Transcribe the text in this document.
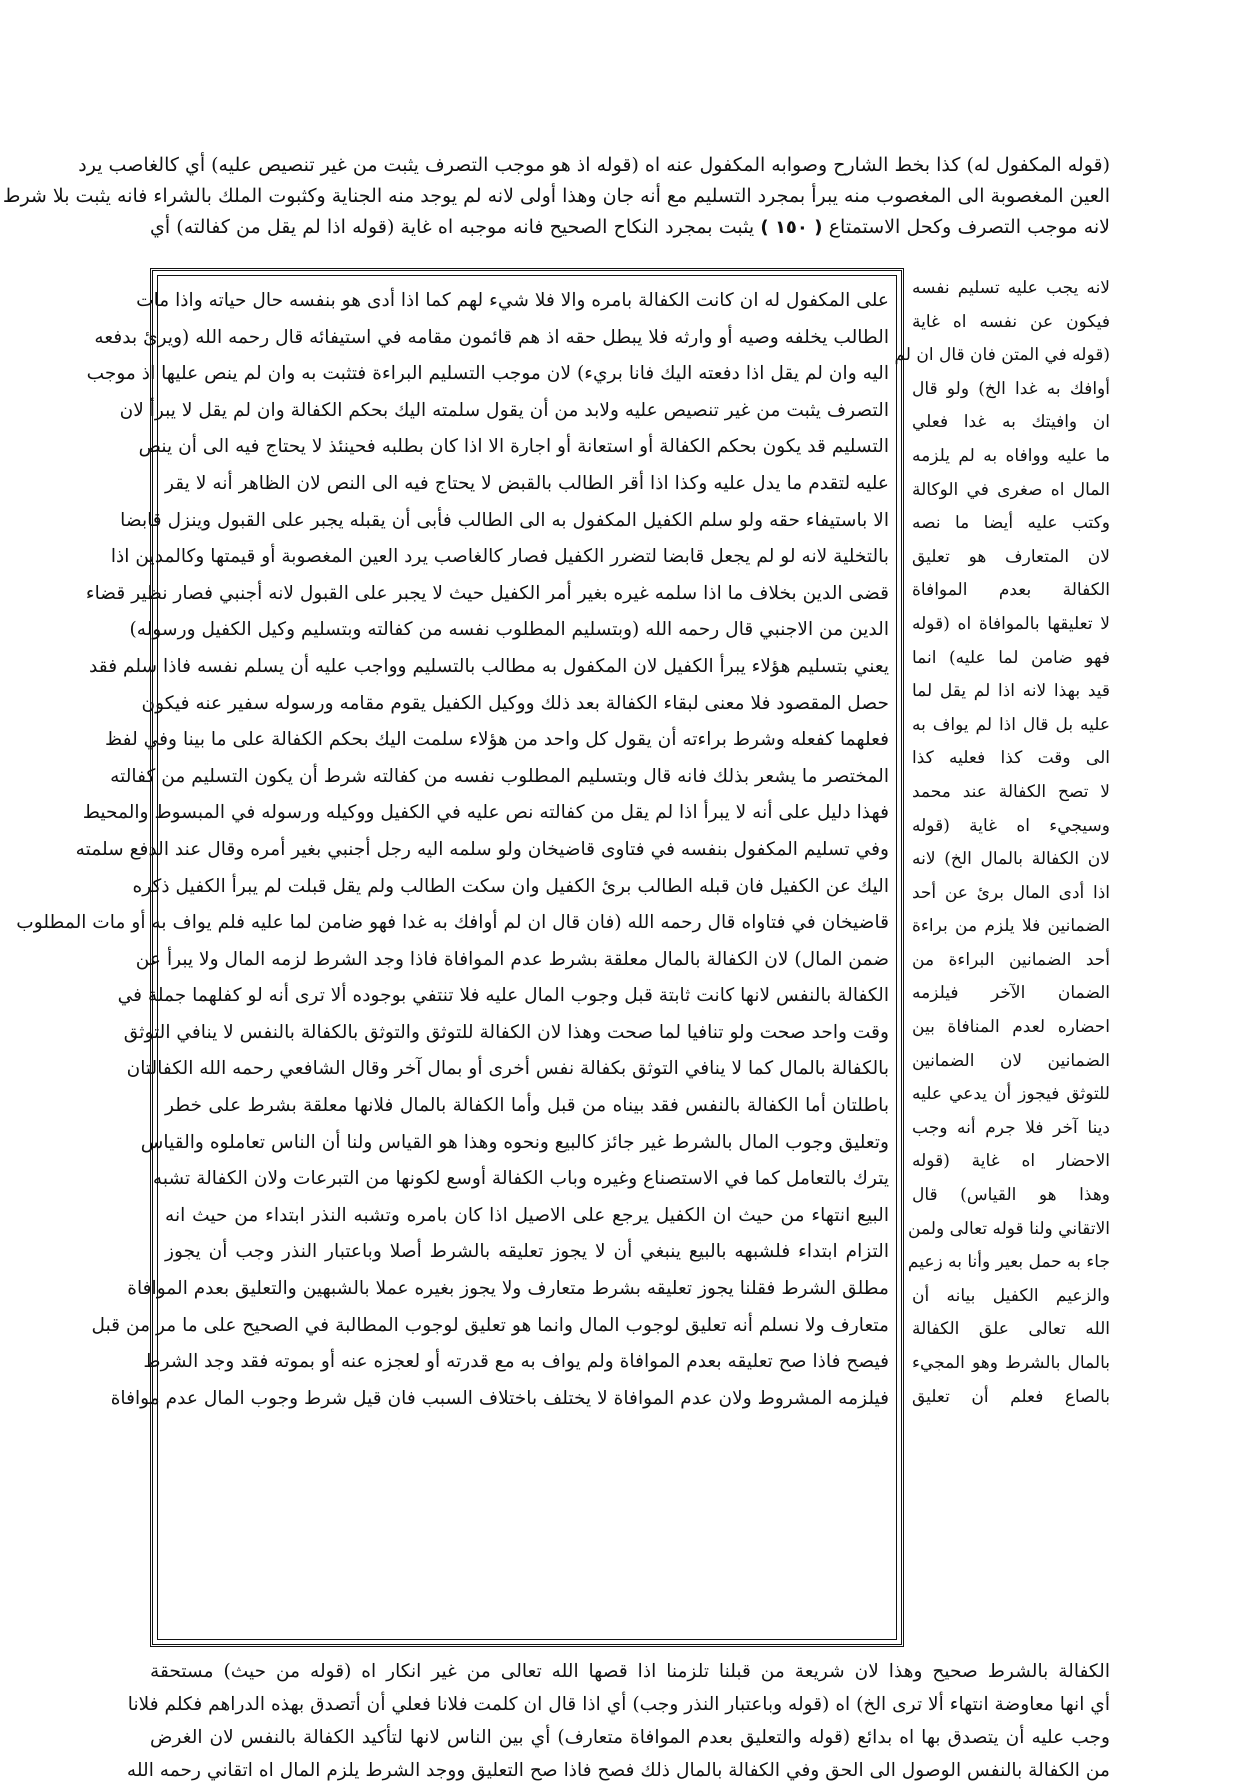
(قوله المكفول له) كذا بخط الشارح وصوابه المكفول عنه اه (قوله اذ هو موجب التصرف يثبت من غير تنصيص عليه) أي كالغاصب يرد
العين المغصوبة الى المغصوب منه يبرأ بمجرد التسليم مع أنه جان وهذا أولى لانه لم يوجد منه الجناية وكثبوت الملك بالشراء فانه يثبت بلا شرط
لانه موجب التصرف وكحل الاستمتاع ( ١٥٠ ) يثبت بمجرد النكاح الصحيح فانه موجبه اه غاية (قوله اذا لم يقل من كفالته) أي
على المكفول له ان كانت الكفالة بامره والا فلا شيء لهم كما اذا أدى هو بنفسه حال حياته واذا مات
الطالب يخلفه وصيه أو وارثه فلا يبطل حقه اذ هم قائمون مقامه في استيفائه قال رحمه الله (ويرئ بدفعه
اليه وان لم يقل اذا دفعته اليك فانا بريء) لان موجب التسليم البراءة فتثبت به وان لم ينص عليها اذ موجب
التصرف يثبت من غير تنصيص عليه ولابد من أن يقول سلمته اليك بحكم الكفالة وان لم يقل لا يبرأ لان
التسليم قد يكون بحكم الكفالة أو استعانة أو اجارة الا اذا كان بطلبه فحينئذ لا يحتاج فيه الى أن ينص
عليه لتقدم ما يدل عليه وكذا اذا أقر الطالب بالقبض لا يحتاج فيه الى النص لان الظاهر أنه لا يقر
الا باستيفاء حقه ولو سلم الكفيل المكفول به الى الطالب فأبى أن يقبله يجبر على القبول وينزل قابضا
بالتخلية لانه لو لم يجعل قابضا لتضرر الكفيل فصار كالغاصب يرد العين المغصوبة أو قيمتها وكالمدين اذا
قضى الدين بخلاف ما اذا سلمه غيره بغير أمر الكفيل حيث لا يجبر على القبول لانه أجنبي فصار نظير قضاء
الدين من الاجنبي قال رحمه الله (وبتسليم المطلوب نفسه من كفالته وبتسليم وكيل الكفيل ورسوله)
يعني بتسليم هؤلاء يبرأ الكفيل لان المكفول به مطالب بالتسليم وواجب عليه أن يسلم نفسه فاذا سلم فقد
حصل المقصود فلا معنى لبقاء الكفالة بعد ذلك ووكيل الكفيل يقوم مقامه ورسوله سفير عنه فيكون
فعلهما كفعله وشرط براءته أن يقول كل واحد من هؤلاء سلمت اليك بحكم الكفالة على ما بينا وفي لفظ
المختصر ما يشعر بذلك فانه قال وبتسليم المطلوب نفسه من كفالته شرط أن يكون التسليم من كفالته
فهذا دليل على أنه لا يبرأ اذا لم يقل من كفالته نص عليه في الكفيل ووكيله ورسوله في المبسوط والمحيط
وفي تسليم المكفول بنفسه في فتاوى قاضيخان ولو سلمه اليه رجل أجنبي بغير أمره وقال عند الدفع سلمته
اليك عن الكفيل فان قبله الطالب برئ الكفيل وان سكت الطالب ولم يقل قبلت لم يبرأ الكفيل ذكره
قاضيخان في فتاواه قال رحمه الله (فان قال ان لم أوافك به غدا فهو ضامن لما عليه فلم يواف به أو مات المطلوب
ضمن المال) لان الكفالة بالمال معلقة بشرط عدم الموافاة فاذا وجد الشرط لزمه المال ولا يبرأ عن
الكفالة بالنفس لانها كانت ثابتة قبل وجوب المال عليه فلا تنتفي بوجوده ألا ترى أنه لو كفلهما جملة في
وقت واحد صحت ولو تنافيا لما صحت وهذا لان الكفالة للتوثق والتوثق بالكفالة بالنفس لا ينافي التوثق
بالكفالة بالمال كما لا ينافي التوثق بكفالة نفس أخرى أو بمال آخر وقال الشافعي رحمه الله الكفالتان
باطلتان أما الكفالة بالنفس فقد بيناه من قبل وأما الكفالة بالمال فلانها معلقة بشرط على خطر
وتعليق وجوب المال بالشرط غير جائز كالبيع ونحوه وهذا هو القياس ولنا أن الناس تعاملوه والقياس
يترك بالتعامل كما في الاستصناع وغيره وباب الكفالة أوسع لكونها من التبرعات ولان الكفالة تشبه
البيع انتهاء من حيث ان الكفيل يرجع على الاصيل اذا كان بامره وتشبه النذر ابتداء من حيث انه
التزام ابتداء فلشبهه بالبيع ينبغي أن لا يجوز تعليقه بالشرط أصلا وباعتبار النذر وجب أن يجوز
مطلق الشرط فقلنا يجوز تعليقه بشرط متعارف ولا يجوز بغيره عملا بالشبهين والتعليق بعدم الموافاة
متعارف ولا نسلم أنه تعليق لوجوب المال وانما هو تعليق لوجوب المطالبة في الصحيح على ما مر من قبل
فيصح فاذا صح تعليقه بعدم الموافاة ولم يواف به مع قدرته أو لعجزه عنه أو بموته فقد وجد الشرط
فيلزمه المشروط ولان عدم الموافاة لا يختلف باختلاف السبب فان قيل شرط وجوب المال عدم موافاة
لانه يجب عليه تسليم نفسه
فيكون عن نفسه اه غاية
(قوله في المتن فان قال ان لم
أوافك به غدا الخ) ولو قال
ان وافيتك به غدا فعلي
ما عليه ووافاه به لم يلزمه
المال اه صغرى في الوكالة
وكتب عليه أيضا ما نصه
لان المتعارف هو تعليق
الكفالة بعدم الموافاة
لا تعليقها بالموافاة اه (قوله
فهو ضامن لما عليه) انما
قيد بهذا لانه اذا لم يقل لما
عليه بل قال اذا لم يواف به
الى وقت كذا فعليه كذا
لا تصح الكفالة عند محمد
وسيجيء اه غاية (قوله
لان الكفالة بالمال الخ) لانه
اذا أدى المال برئ عن أحد
الضمانين فلا يلزم من براءة
أحد الضمانين البراءة من
الضمان الآخر فيلزمه
احضاره لعدم المنافاة بين
الضمانين لان الضمانين
للتوثق فيجوز أن يدعي عليه
دينا آخر فلا جرم أنه وجب
الاحضار اه غاية (قوله
وهذا هو القياس) قال
الاتقاني ولنا قوله تعالى ولمن
جاء به حمل بعير وأنا به زعيم
والزعيم الكفيل بيانه أن
الله تعالى علق الكفالة
بالمال بالشرط وهو المجيء
بالصاع فعلم أن تعليق
الكفالة بالشرط صحيح وهذا لان شريعة من قبلنا تلزمنا اذا قصها الله تعالى من غير انكار اه (قوله من حيث) مستحقة
أي انها معاوضة انتهاء ألا ترى الخ) اه (قوله وباعتبار النذر وجب) أي اذا قال ان كلمت فلانا فعلي أن أتصدق بهذه الدراهم فكلم فلانا
وجب عليه أن يتصدق بها اه بدائع (قوله والتعليق بعدم الموافاة متعارف) أي بين الناس لانها لتأكيد الكفالة بالنفس لان الغرض
من الكفالة بالنفس الوصول الى الحق وفي الكفالة بالمال ذلك فصح فاذا صح التعليق ووجد الشرط يلزم المال اه اتقاني رحمه الله
